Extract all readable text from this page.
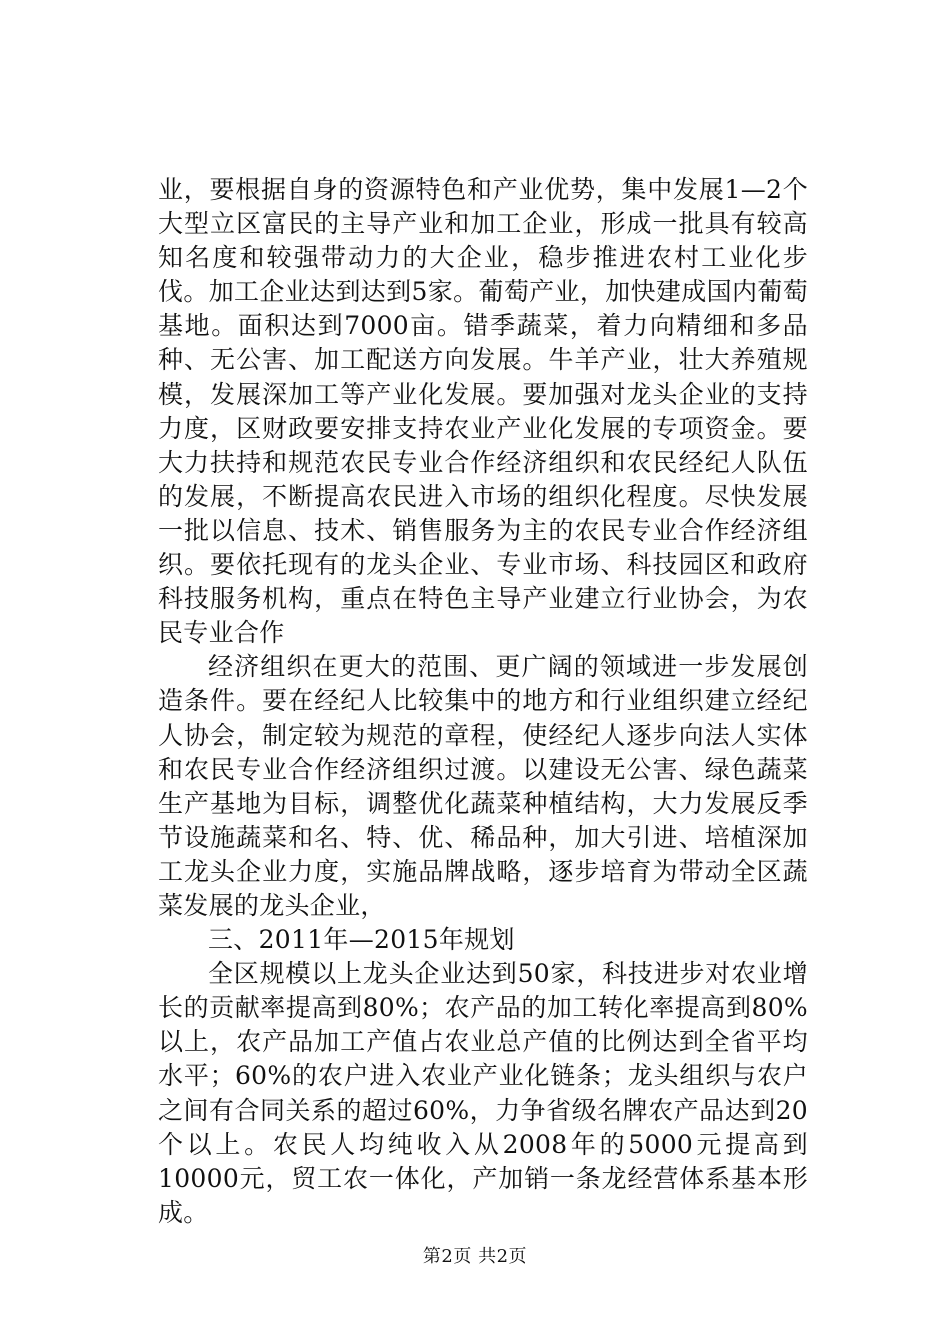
业，要根据自身的资源特色和产业优势，集中发展1—2个大型立区富民的主导产业和加工企业，形成一批具有较高知名度和较强带动力的大企业，稳步推进农村工业化步伐。加工企业达到达到5家。葡萄产业，加快建成国内葡萄基地。面积达到7000亩。错季蔬菜，着力向精细和多品种、无公害、加工配送方向发展。牛羊产业，壮大养殖规模，发展深加工等产业化发展。要加强对龙头企业的支持力度，区财政要安排支持农业产业化发展的专项资金。要大力扶持和规范农民专业合作经济组织和农民经纪人队伍的发展，不断提高农民进入市场的组织化程度。尽快发展一批以信息、技术、销售服务为主的农民专业合作经济组织。要依托现有的龙头企业、专业市场、科技园区和政府科技服务机构，重点在特色主导产业建立行业协会，为农民专业合作

经济组织在更大的范围、更广阔的领域进一步发展创造条件。要在经纪人比较集中的地方和行业组织建立经纪人协会，制定较为规范的章程，使经纪人逐步向法人实体和农民专业合作经济组织过渡。以建设无公害、绿色蔬菜生产基地为目标，调整优化蔬菜种植结构，大力发展反季节设施蔬菜和名、特、优、稀品种，加大引进、培植深加工龙头企业力度，实施品牌战略，逐步培育为带动全区蔬菜发展的龙头企业，

三、2011年—2015年规划

全区规模以上龙头企业达到50家，科技进步对农业增长的贡献率提高到80%；农产品的加工转化率提高到80%以上，农产品加工产值占农业总产值的比例达到全省平均水平；60%的农户进入农业产业化链条；龙头组织与农户之间有合同关系的超过60%，力争省级名牌农产品达到20个以上。农民人均纯收入从2008年的5000元提高到10000元，贸工农一体化，产加销一条龙经营体系基本形成。

第2页 共2页
